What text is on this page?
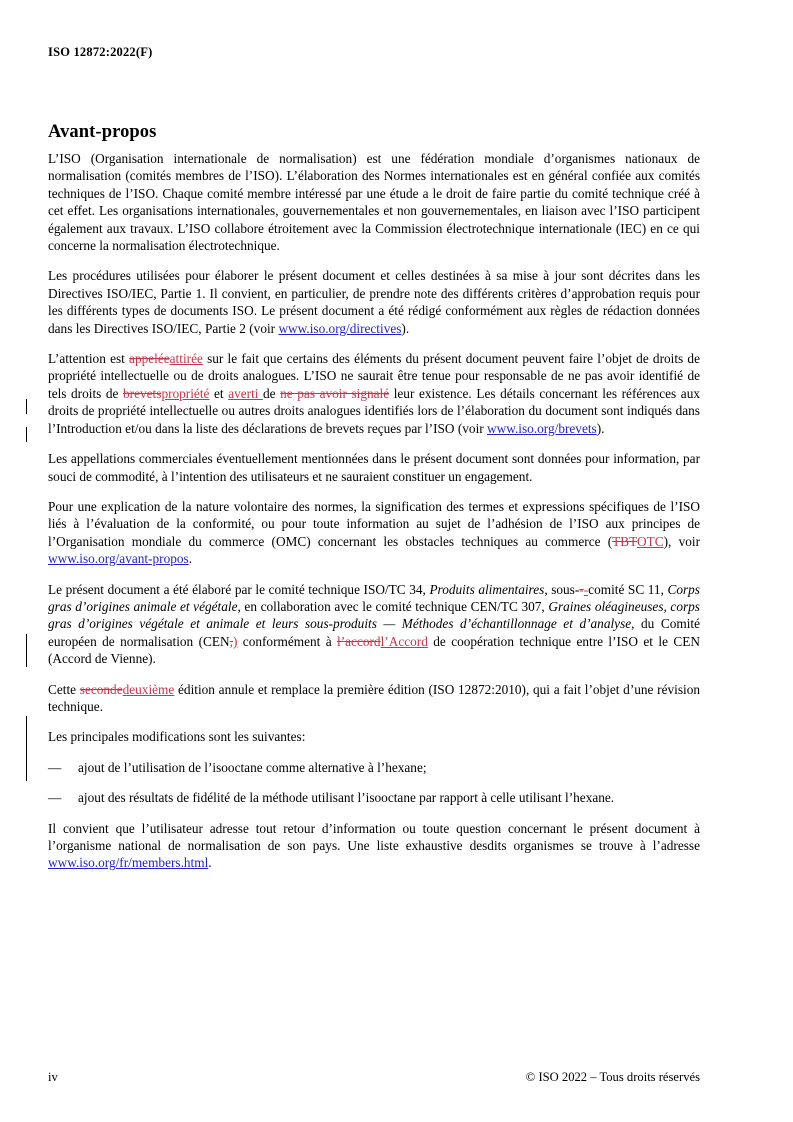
ISO 12872:2022(F)
Avant-propos

L’ISO (Organisation internationale de normalisation) est une fédération mondiale d’organismes nationaux de normalisation (comités membres de l’ISO). L’élaboration des Normes internationales est en général confiée aux comités techniques de l’ISO. Chaque comité membre intéressé par une étude a le droit de faire partie du comité technique créé à cet effet. Les organisations internationales, gouvernementales et non gouvernementales, en liaison avec l’ISO participent également aux travaux. L’ISO collabore étroitement avec la Commission électrotechnique internationale (IEC) en ce qui concerne la normalisation électrotechnique.

Les procédures utilisées pour élaborer le présent document et celles destinées à sa mise à jour sont décrites dans les Directives ISO/IEC, Partie 1. Il convient, en particulier, de prendre note des différents critères d’approbation requis pour les différents types de documents ISO. Le présent document a été rédigé conformément aux règles de rédaction données dans les Directives ISO/IEC, Partie 2 (voir www.iso.org/directives).

L’attention est appeléeattirée sur le fait que certains des éléments du présent document peuvent faire l’objet de droits de propriété intellectuelle ou de droits analogues. L’ISO ne saurait être tenue pour responsable de ne pas avoir identifié de tels droits de brevetspropriété et averti de ne pas avoir signalé leur existence. Les détails concernant les références aux droits de propriété intellectuelle ou autres droits analogues identifiés lors de l’élaboration du document sont indiqués dans l’Introduction et/ou dans la liste des déclarations de brevets reçues par l’ISO (voir www.iso.org/brevets).

Les appellations commerciales éventuellement mentionnées dans le présent document sont données pour information, par souci de commodité, à l’intention des utilisateurs et ne sauraient constituer un engagement.

Pour une explication de la nature volontaire des normes, la signification des termes et expressions spécifiques de l’ISO liés à l’évaluation de la conformité, ou pour toute information au sujet de l’adhésion de l’ISO aux principes de l’Organisation mondiale du commerce (OMC) concernant les obstacles techniques au commerce (TBTOTC), voir www.iso.org/avant-propos.

Le présent document a été élaboré par le comité technique ISO/TC 34, Produits alimentaires, sous---comité SC 11, Corps gras d’origines animale et végétale, en collaboration avec le comité technique CEN/TC 307, Graines oléagineuses, corps gras d’origines végétale et animale et leurs sous-produits — Méthodes d’échantillonnage et d’analyse, du Comité européen de normalisation (CEN,) conformément à l’accordl’Accord de coopération technique entre l’ISO et le CEN (Accord de Vienne).

Cette secondedeuxième édition annule et remplace la première édition (ISO 12872:2010), qui a fait l’objet d’une révision technique.

Les principales modifications sont les suivantes:

—	ajout de l’utilisation de l’isooctane comme alternative à l’hexane;
—	ajout des résultats de fidélité de la méthode utilisant l’isooctane par rapport à celle utilisant l’hexane.

Il convient que l’utilisateur adresse tout retour d’information ou toute question concernant le présent document à l’organisme national de normalisation de son pays. Une liste exhaustive desdits organismes se trouve à l’adresse www.iso.org/fr/members.html.

iv	© ISO 2022 – Tous droits réservés
